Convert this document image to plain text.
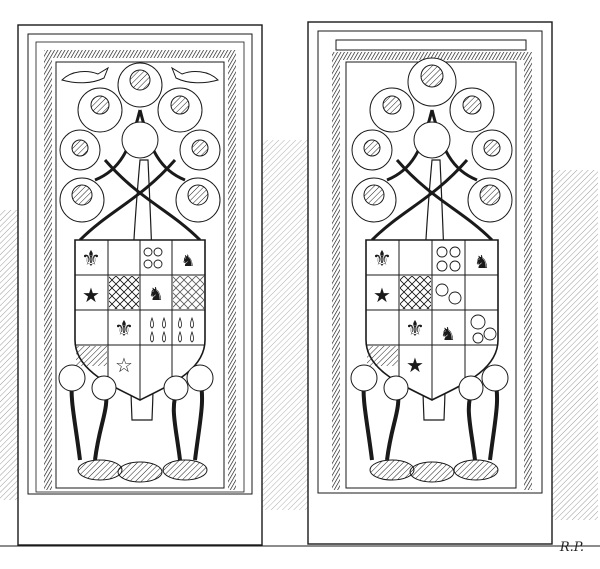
⚜
⚜
★
☆
♞
♞	⚜
⚜
★
★
♞
♞
R.P.
